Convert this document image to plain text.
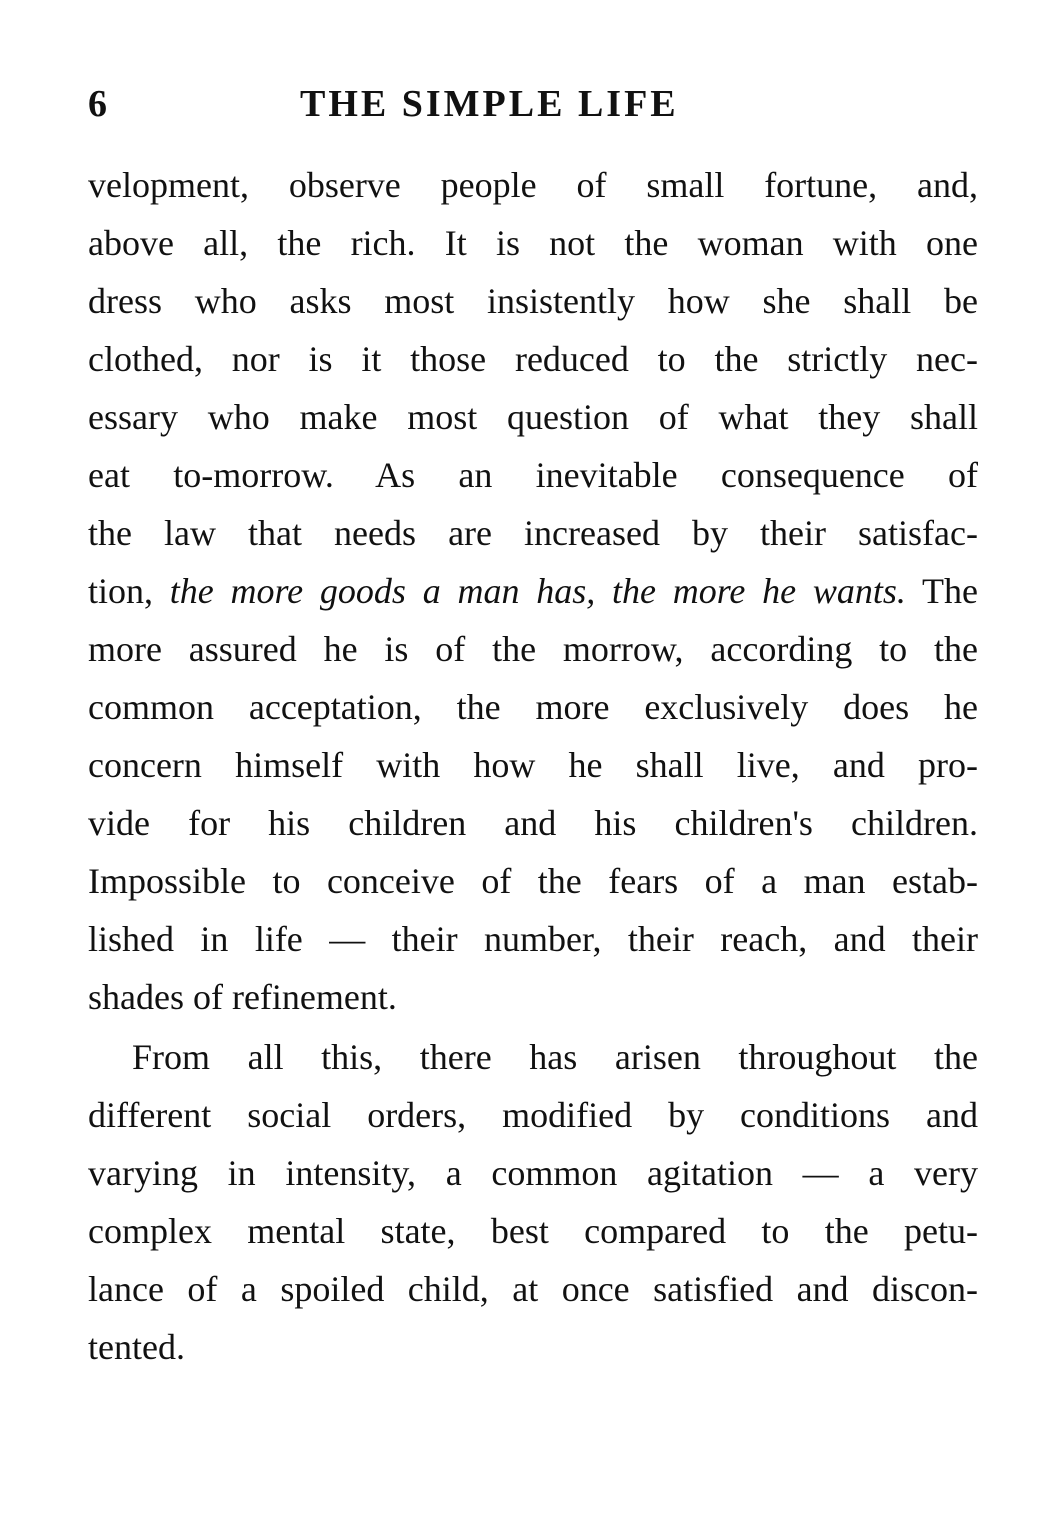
6	THE SIMPLE LIFE
velopment, observe people of small fortune, and,
above all, the rich. It is not the woman with one
dress who asks most insistently how she shall be
clothed, nor is it those reduced to the strictly nec-
essary who make most question of what they shall
eat to-morrow. As an inevitable consequence of
the law that needs are increased by their satisfac-
tion, the more goods a man has, the more he wants. The
more assured he is of the morrow, according to the
common acceptation, the more exclusively does he
concern himself with how he shall live, and pro-
vide for his children and his children's children.
Impossible to conceive of the fears of a man estab-
lished in life — their number, their reach, and their
shades of refinement.
From all this, there has arisen throughout the
different social orders, modified by conditions and
varying in intensity, a common agitation — a very
complex mental state, best compared to the petu-
lance of a spoiled child, at once satisfied and discon-
tented.
